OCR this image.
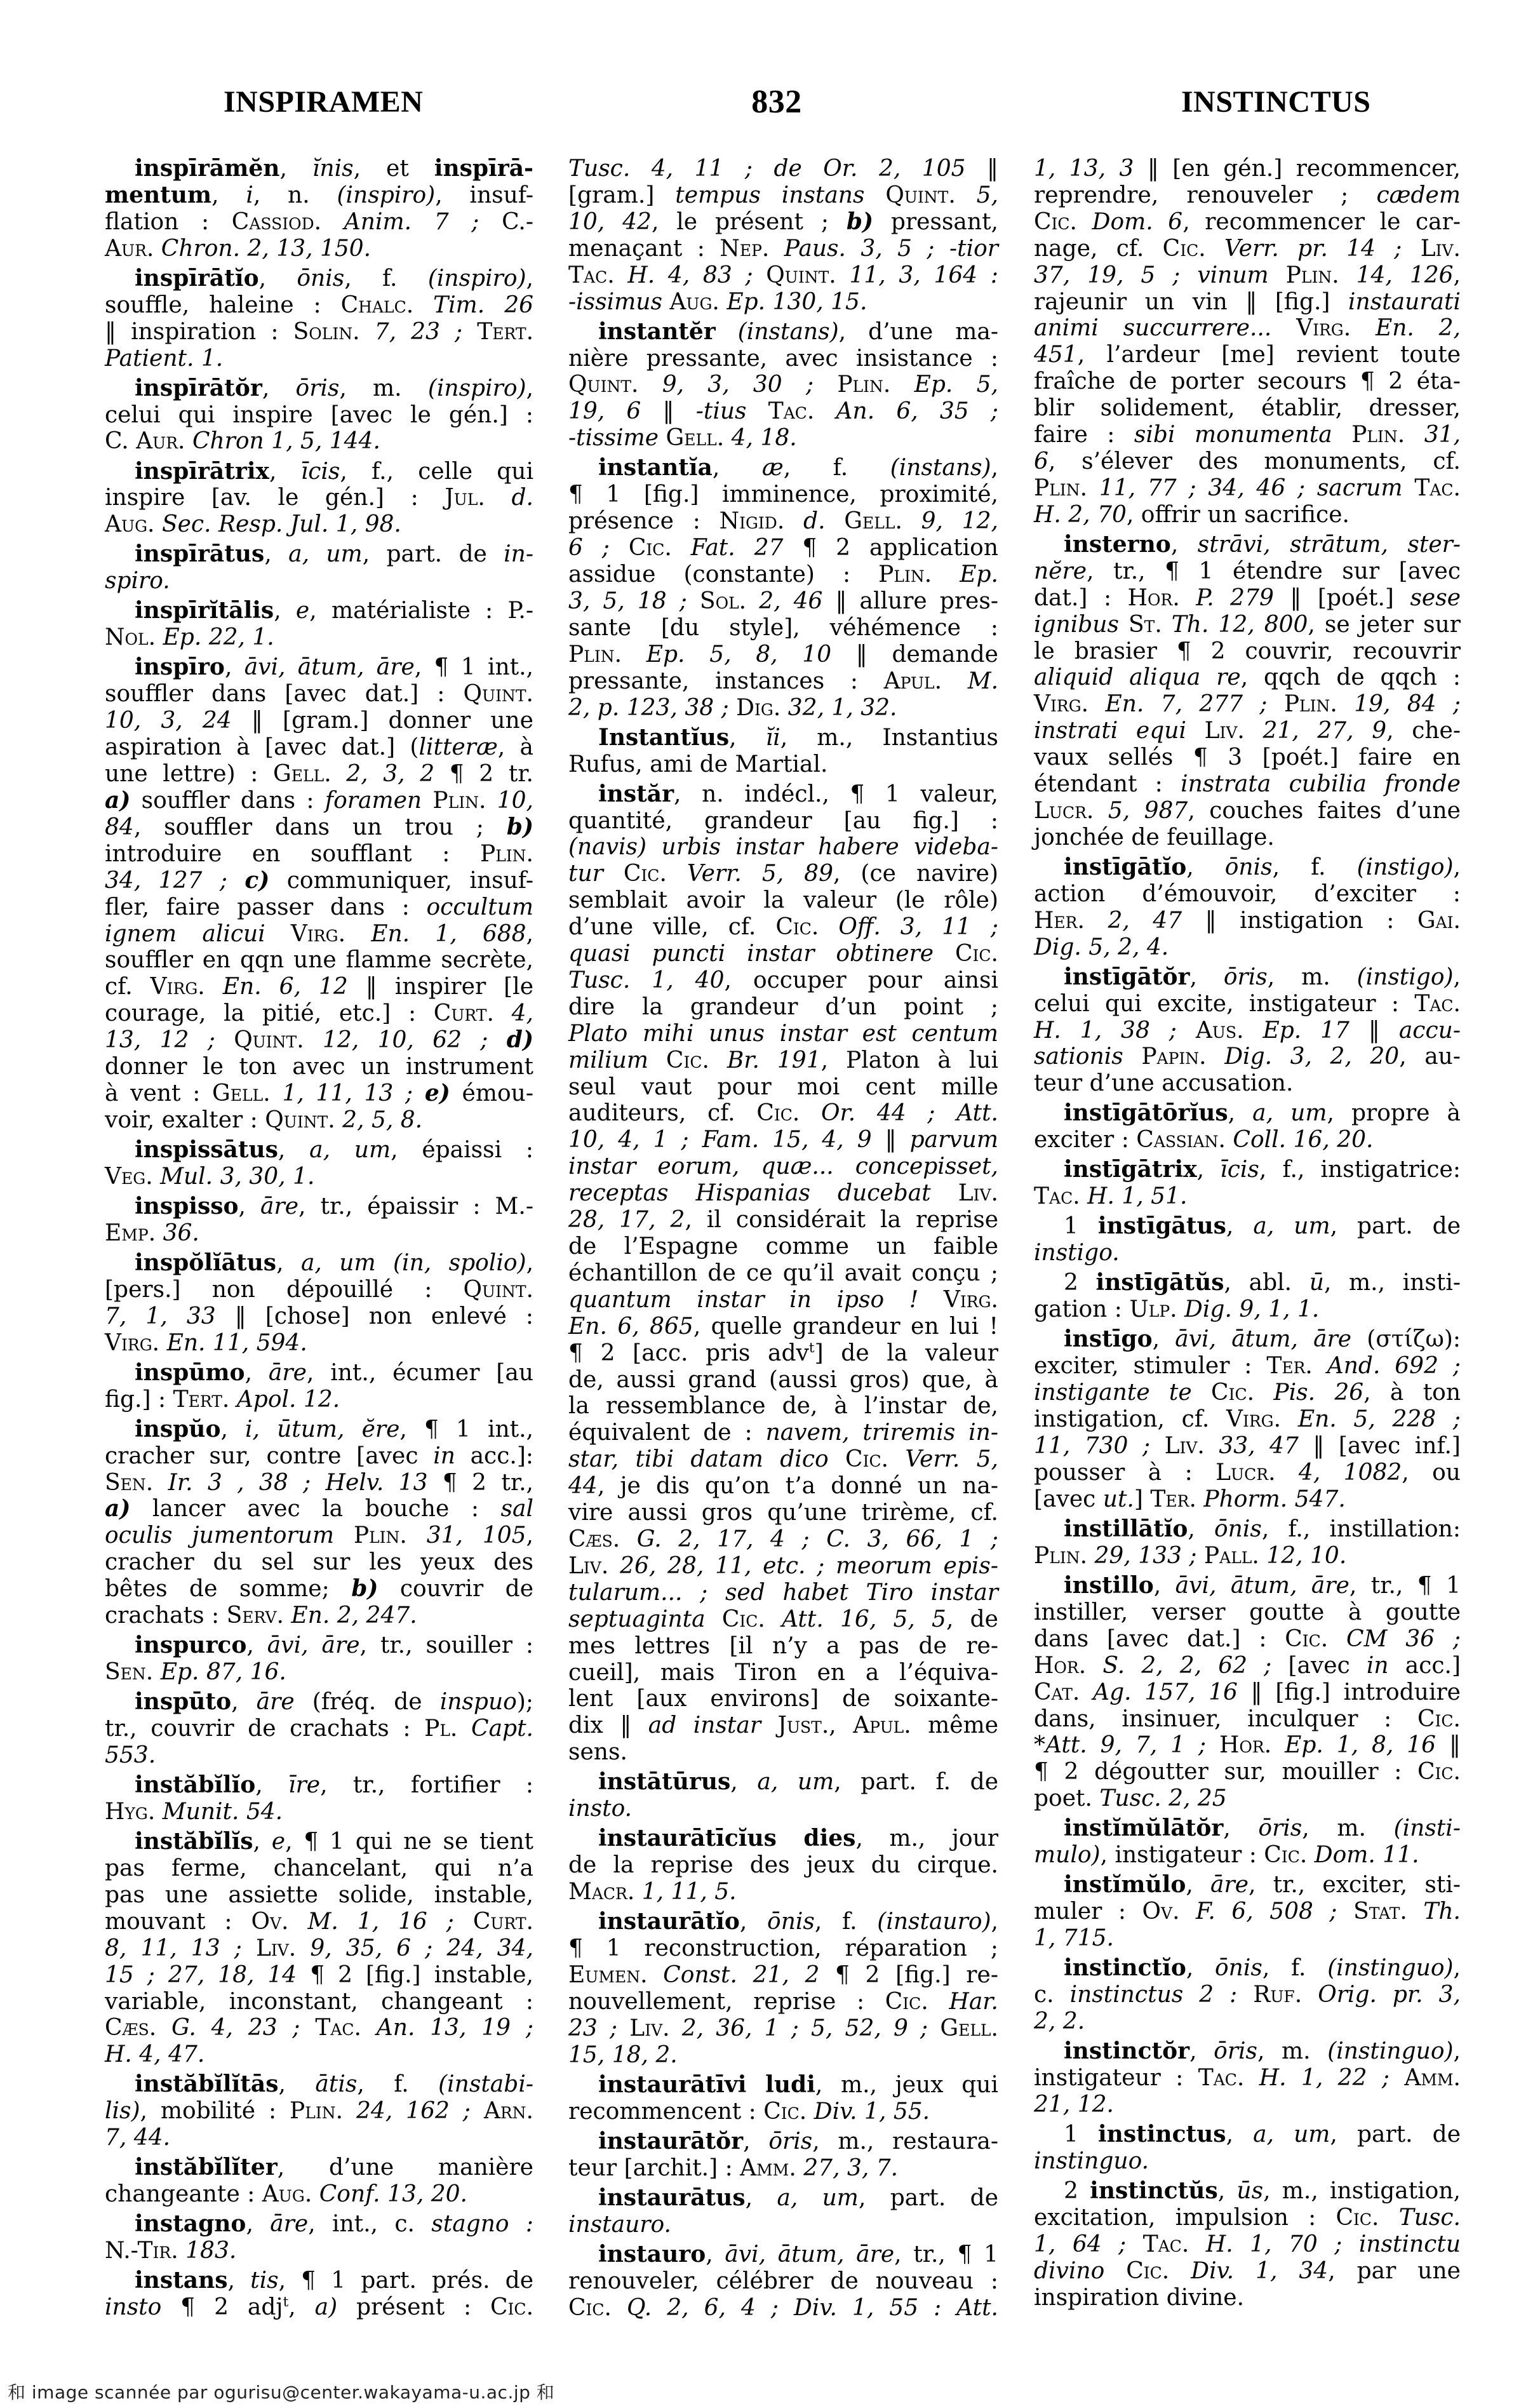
INSPIRAMEN	832	INSTINCTUS
inspīrāmĕn, ĭnis, et inspīrā-
mentum, i, n. (inspiro), insuf-
flation : Cassiod. Anim. 7 ; C.-
Aur. Chron. 2, 13, 150.
inspīrātĭo, ōnis, f. (inspiro),
souffle, haleine : Chalc. Tim. 26
‖ inspiration : Solin. 7, 23 ; Tert.
Patient. 1.
inspīrātŏr, ōris, m. (inspiro),
celui qui inspire [avec le gén.] :
C. Aur. Chron 1, 5, 144.
inspīrātrix, īcis, f., celle qui
inspire [av. le gén.] : Jul. d.
Aug. Sec. Resp. Jul. 1, 98.
inspīrātus, a, um, part. de in-
spiro.
inspīrĭtālis, e, matérialiste : P.-
Nol. Ep. 22, 1.
inspīro, āvi, ātum, āre, ¶ 1 int.,
souffler dans [avec dat.] : Quint.
10, 3, 24 ‖ [gram.] donner une
aspiration à [avec dat.] (litteræ, à
une lettre) : Gell. 2, 3, 2 ¶ 2 tr.
a) souffler dans : foramen Plin. 10,
84, souffler dans un trou ; b)
introduire en soufflant : Plin.
34, 127 ; c) communiquer, insuf-
fler, faire passer dans : occultum
ignem alicui Virg. En. 1, 688,
souffler en qqn une flamme secrète,
cf. Virg. En. 6, 12 ‖ inspirer [le
courage, la pitié, etc.] : Curt. 4,
13, 12 ; Quint. 12, 10, 62 ; d)
donner le ton avec un instrument
à vent : Gell. 1, 11, 13 ; e) émou-
voir, exalter : Quint. 2, 5, 8.
inspissātus, a, um, épaissi :
Veg. Mul. 3, 30, 1.
inspisso, āre, tr., épaissir : M.-
Emp. 36.
inspŏlĭātus, a, um (in, spolio),
[pers.] non dépouillé : Quint.
7, 1, 33 ‖ [chose] non enlevé :
Virg. En. 11, 594.
inspūmo, āre, int., écumer [au
fig.] : Tert. Apol. 12.
inspŭo, i, ūtum, ĕre, ¶ 1 int.,
cracher sur, contre [avec in acc.]:
Sen. Ir. 3 , 38 ; Helv. 13 ¶ 2 tr.,
a) lancer avec la bouche : sal
oculis jumentorum Plin. 31, 105,
cracher du sel sur les yeux des
bêtes de somme; b) couvrir de
crachats : Serv. En. 2, 247.
inspurco, āvi, āre, tr., souiller :
Sen. Ep. 87, 16.
inspūto, āre (fréq. de inspuo);
tr., couvrir de crachats : Pl. Capt.
553.
instăbĭlĭo, īre, tr., fortifier :
Hyg. Munit. 54.
instăbĭlĭs, e, ¶ 1 qui ne se tient
pas ferme, chancelant, qui n’a
pas une assiette solide, instable,
mouvant : Ov. M. 1, 16 ; Curt.
8, 11, 13 ; Liv. 9, 35, 6 ; 24, 34,
15 ; 27, 18, 14 ¶ 2 [fig.] instable,
variable, inconstant, changeant :
Cæs. G. 4, 23 ; Tac. An. 13, 19 ;
H. 4, 47.
instăbĭlĭtās, ātis, f. (instabi-
lis), mobilité : Plin. 24, 162 ; Arn.
7, 44.
instăbĭlĭter, d’une manière
changeante : Aug. Conf. 13, 20.
instagno, āre, int., c. stagno :
N.-Tir. 183.
instans, tis, ¶ 1 part. prés. de
insto ¶ 2 adj$^t$, a) présent : Cic.
Tusc. 4, 11 ; de Or. 2, 105 ‖
[gram.] tempus instans Quint. 5,
10, 42, le présent ; b) pressant,
menaçant : Nep. Paus. 3, 5 ; -tior
Tac. H. 4, 83 ; Quint. 11, 3, 164 :
-issimus Aug. Ep. 130, 15.
instantĕr (instans), d’une ma-
nière pressante, avec insistance :
Quint. 9, 3, 30 ; Plin. Ep. 5,
19, 6 ‖ -tius Tac. An. 6, 35 ;
-tissime Gell. 4, 18.
instantĭa, æ, f. (instans),
¶ 1 [fig.] imminence, proximité,
présence : Nigid. d. Gell. 9, 12,
6 ; Cic. Fat. 27 ¶ 2 application
assidue (constante) : Plin. Ep.
3, 5, 18 ; Sol. 2, 46 ‖ allure pres-
sante [du style], véhémence :
Plin. Ep. 5, 8, 10 ‖ demande
pressante, instances : Apul. M.
2, p. 123, 38 ; Dig. 32, 1, 32.
Instantĭus, ĭi, m., Instantius
Rufus, ami de Martial.
instăr, n. indécl., ¶ 1 valeur,
quantité, grandeur [au fig.] :
(navis) urbis instar habere videba-
tur Cic. Verr. 5, 89, (ce navire)
semblait avoir la valeur (le rôle)
d’une ville, cf. Cic. Off. 3, 11 ;
quasi puncti instar obtinere Cic.
Tusc. 1, 40, occuper pour ainsi
dire la grandeur d’un point ;
Plato mihi unus instar est centum
milium Cic. Br. 191, Platon à lui
seul vaut pour moi cent mille
auditeurs, cf. Cic. Or. 44 ; Att.
10, 4, 1 ; Fam. 15, 4, 9 ‖ parvum
instar eorum, quæ... concepisset,
receptas Hispanias ducebat Liv.
28, 17, 2, il considérait la reprise
de l’Espagne comme un faible
échantillon de ce qu’il avait conçu ;
quantum instar in ipso ! Virg.
En. 6, 865, quelle grandeur en lui !
¶ 2 [acc. pris adv$^t$] de la valeur
de, aussi grand (aussi gros) que, à
la ressemblance de, à l’instar de,
équivalent de : navem, triremis in-
star, tibi datam dico Cic. Verr. 5,
44, je dis qu’on t’a donné un na-
vire aussi gros qu’une trirème, cf.
Cæs. G. 2, 17, 4 ; C. 3, 66, 1 ;
Liv. 26, 28, 11, etc. ; meorum epis-
tularum... ; sed habet Tiro instar
septuaginta Cic. Att. 16, 5, 5, de
mes lettres [il n’y a pas de re-
cueil], mais Tiron en a l’équiva-
lent [aux environs] de soixante-
dix ‖ ad instar Just., Apul. même
sens.
instātūrus, a, um, part. f. de
insto.
instaurātīcĭus dies, m., jour
de la reprise des jeux du cirque.
Macr. 1, 11, 5.
instaurātĭo, ōnis, f. (instauro),
¶ 1 reconstruction, réparation ;
Eumen. Const. 21, 2 ¶ 2 [fig.] re-
nouvellement, reprise : Cic. Har.
23 ; Liv. 2, 36, 1 ; 5, 52, 9 ; Gell.
15, 18, 2.
instaurātīvi ludi, m., jeux qui
recommencent : Cic. Div. 1, 55.
instaurātŏr, ōris, m., restaura-
teur [archit.] : Amm. 27, 3, 7.
instaurātus, a, um, part. de
instauro.
instauro, āvi, ātum, āre, tr., ¶ 1
renouveler, célébrer de nouveau :
Cic. Q. 2, 6, 4 ; Div. 1, 55 : Att.
1, 13, 3 ‖ [en gén.] recommencer,
reprendre, renouveler ; cædem
Cic. Dom. 6, recommencer le car-
nage, cf. Cic. Verr. pr. 14 ; Liv.
37, 19, 5 ; vinum Plin. 14, 126,
rajeunir un vin ‖ [fig.] instaurati
animi succurrere... Virg. En. 2,
451, l’ardeur [me] revient toute
fraîche de porter secours ¶ 2 éta-
blir solidement, établir, dresser,
faire : sibi monumenta Plin. 31,
6, s’élever des monuments, cf.
Plin. 11, 77 ; 34, 46 ; sacrum Tac.
H. 2, 70, offrir un sacrifice.
insterno, strāvi, strātum, ster-
nĕre, tr., ¶ 1 étendre sur [avec
dat.] : Hor. P. 279 ‖ [poét.] sese
ignibus St. Th. 12, 800, se jeter sur
le brasier ¶ 2 couvrir, recouvrir
aliquid aliqua re, qqch de qqch :
Virg. En. 7, 277 ; Plin. 19, 84 ;
instrati equi Liv. 21, 27, 9, che-
vaux sellés ¶ 3 [poét.] faire en
étendant : instrata cubilia fronde
Lucr. 5, 987, couches faites d’une
jonchée de feuillage.
instīgātĭo, ōnis, f. (instigo),
action d’émouvoir, d’exciter :
Her. 2, 47 ‖ instigation : Gai.
Dig. 5, 2, 4.
instīgātŏr, ōris, m. (instigo),
celui qui excite, instigateur : Tac.
H. 1, 38 ; Aus. Ep. 17 ‖ accu-
sationis Papin. Dig. 3, 2, 20, au-
teur d’une accusation.
instīgātōrĭus, a, um, propre à
exciter : Cassian. Coll. 16, 20.
instīgātrix, īcis, f., instigatrice:
Tac. H. 1, 51.
1 instīgātus, a, um, part. de
instigo.
2 instīgātŭs, abl. ū, m., insti-
gation : Ulp. Dig. 9, 1, 1.
instīgo, āvi, ātum, āre (στίζω):
exciter, stimuler : Ter. And. 692 ;
instigante te Cic. Pis. 26, à ton
instigation, cf. Virg. En. 5, 228 ;
11, 730 ; Liv. 33, 47 ‖ [avec inf.]
pousser à : Lucr. 4, 1082, ou
[avec ut.] Ter. Phorm. 547.
instillātĭo, ōnis, f., instillation:
Plin. 29, 133 ; Pall. 12, 10.
instillo, āvi, ātum, āre, tr., ¶ 1
instiller, verser goutte à goutte
dans [avec dat.] : Cic. CM 36 ;
Hor. S. 2, 2, 62 ; [avec in acc.]
Cat. Ag. 157, 16 ‖ [fig.] introduire
dans, insinuer, inculquer : Cic.
*Att. 9, 7, 1 ; Hor. Ep. 1, 8, 16 ‖
¶ 2 dégoutter sur, mouiller : Cic.
poet. Tusc. 2, 25
instĭmŭlātŏr, ōris, m. (insti-
mulo), instigateur : Cic. Dom. 11.
instĭmŭlo, āre, tr., exciter, sti-
muler : Ov. F. 6, 508 ; Stat. Th.
1, 715.
instinctĭo, ōnis, f. (instinguo),
c. instinctus 2 : Ruf. Orig. pr. 3,
2, 2.
instinctŏr, ōris, m. (instinguo),
instigateur : Tac. H. 1, 22 ; Amm.
21, 12.
1 instinctus, a, um, part. de
instinguo.
2 instinctŭs, ūs, m., instigation,
excitation, impulsion : Cic. Tusc.
1, 64 ; Tac. H. 1, 70 ; instinctu
divino Cic. Div. 1, 34, par une
inspiration divine.
和 image scannée par ogurisu@center.wakayama-u.ac.jp 和
